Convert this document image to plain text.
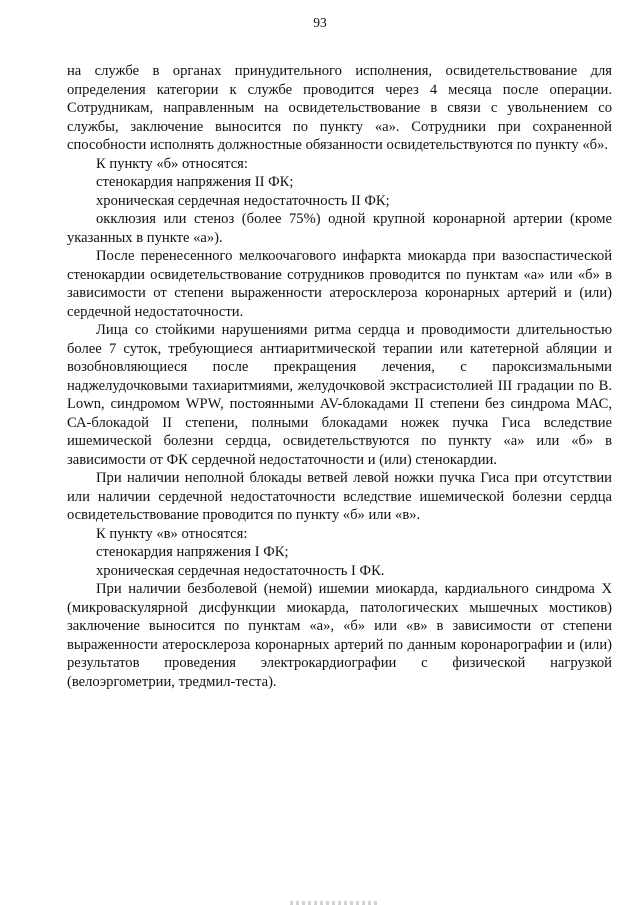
93

на службе в органах принудительного исполнения, освидетельствование для определения категории к службе проводится через 4 месяца после операции. Сотрудникам, направленным на освидетельствование в связи с увольнением со службы, заключение выносится по пункту «а». Сотрудники при сохраненной способности исполнять должностные обязанности освидетельствуются по пункту «б».

К пункту «б» относятся:

стенокардия напряжения II ФК;

хроническая сердечная недостаточность II ФК;

окклюзия или стеноз (более 75%) одной крупной коронарной артерии (кроме указанных в пункте «а»).

После перенесенного мелкоочагового инфаркта миокарда при вазоспастической стенокардии освидетельствование сотрудников проводится по пунктам «а» или «б» в зависимости от степени выраженности атеросклероза коронарных артерий и (или) сердечной недостаточности.

Лица со стойкими нарушениями ритма сердца и проводимости длительностью более 7 суток, требующиеся антиаритмической терапии или катетерной абляции и возобновляющиеся после прекращения лечения, с пароксизмальными наджелудочковыми тахиаритмиями, желудочковой экстрасистолией III градации по B. Lown, синдромом WPW, постоянными AV-блокадами II степени без синдрома МАС, СА-блокадой II степени, полными блокадами ножек пучка Гиса вследствие ишемической болезни сердца, освидетельствуются по пункту «а» или «б» в зависимости от ФК сердечной недостаточности и (или) стенокардии.

При наличии неполной блокады ветвей левой ножки пучка Гиса при отсутствии или наличии сердечной недостаточности вследствие ишемической болезни сердца освидетельствование проводится по пункту «б» или «в».

К пункту «в» относятся:

стенокардия напряжения I ФК;

хроническая сердечная недостаточность I ФК.

При наличии безболевой (немой) ишемии миокарда, кардиального синдрома X (микроваскулярной дисфункции миокарда, патологических мышечных мостиков) заключение выносится по пунктам «а», «б» или «в» в зависимости от степени выраженности атеросклероза коронарных артерий по данным коронарографии и (или) результатов проведения электрокардиографии с физической нагрузкой (велоэргометрии, тредмил-теста).
